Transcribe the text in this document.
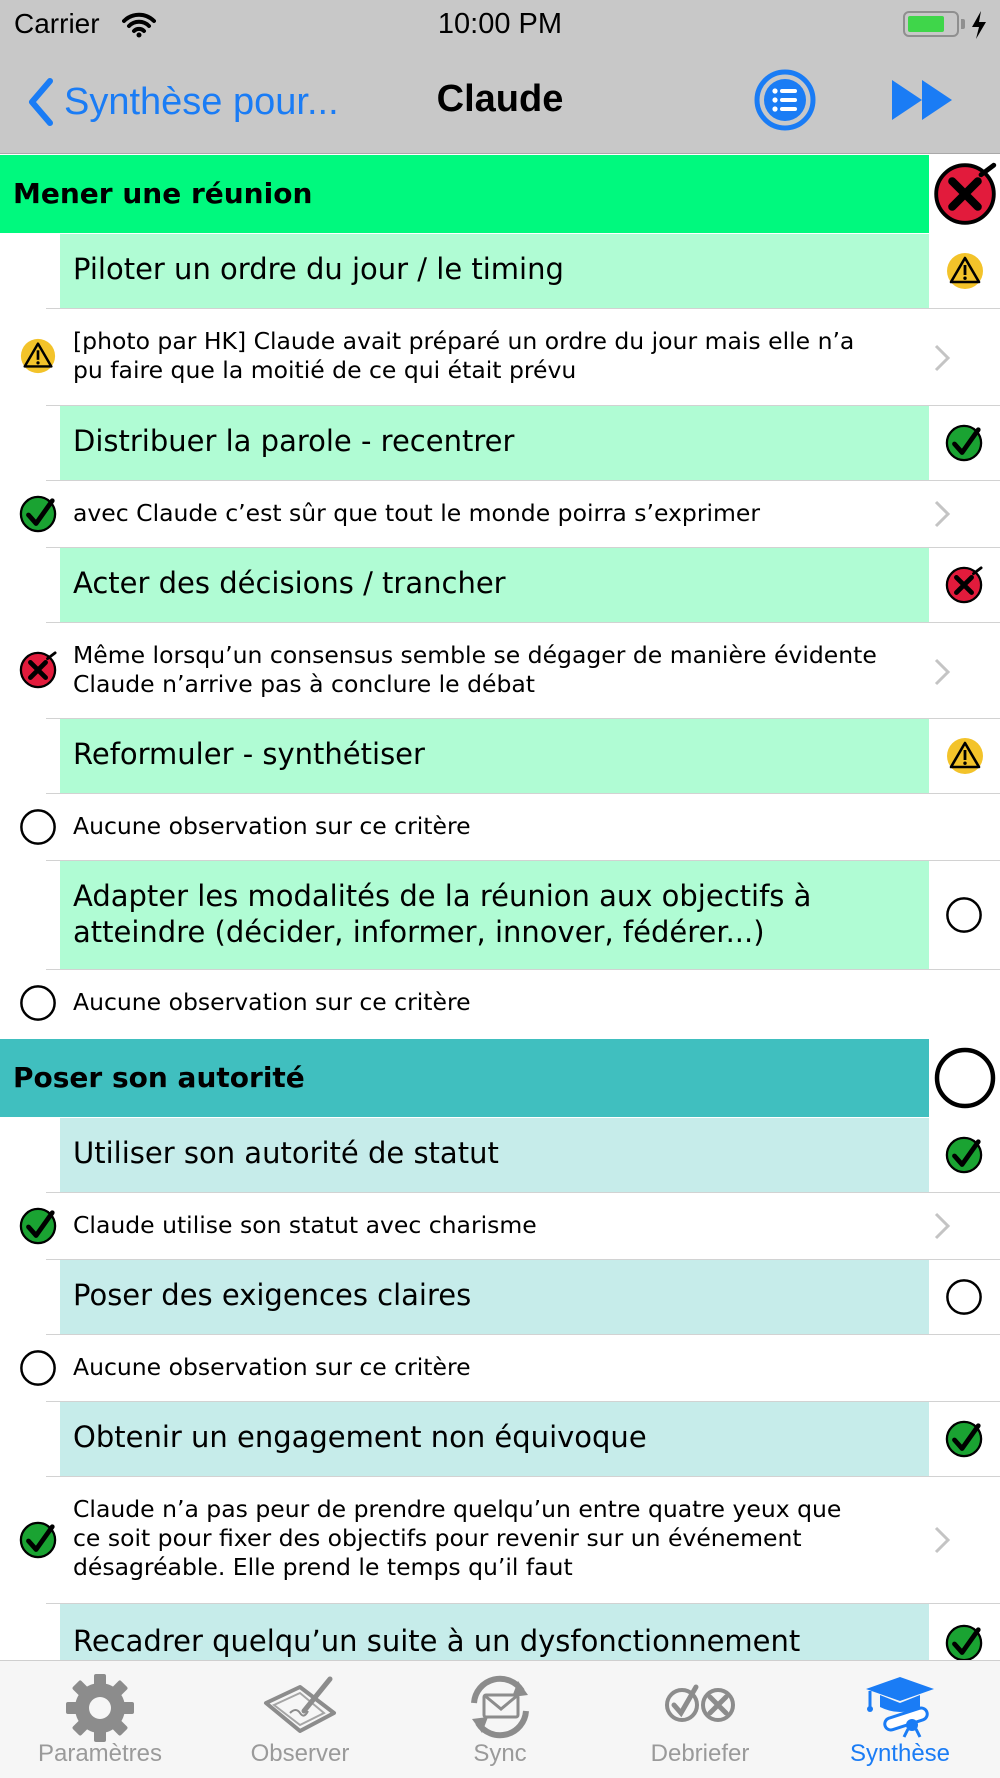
Carrier	10:00 PM
Synthèse pour...	Claude
Mener une réunion
Piloter un ordre du jour / le timing
[photo par HK] Claude avait préparé un ordre du jour mais elle n’a
pu faire que la moitié de ce qui était prévu
Distribuer la parole - recentrer
avec Claude c’est sûr que tout le monde poirra s’exprimer
Acter des décisions / trancher
Même lorsqu’un consensus semble se dégager de manière évidente
Claude n’arrive pas à conclure le débat
Reformuler - synthétiser
Aucune observation sur ce critère
Adapter les modalités de la réunion aux objectifs à
atteindre (décider, informer, innover, fédérer...)
Aucune observation sur ce critère
Poser son autorité
Utiliser son autorité de statut
Claude utilise son statut avec charisme
Poser des exigences claires
Aucune observation sur ce critère
Obtenir un engagement non équivoque
Claude n’a pas peur de prendre quelqu’un entre quatre yeux que
ce soit pour fixer des objectifs pour revenir sur un événement
désagréable. Elle prend le temps qu’il faut
Recadrer quelqu’un suite à un dysfonctionnement
Paramètres	Observer	Sync	Debriefer	Synthèse
